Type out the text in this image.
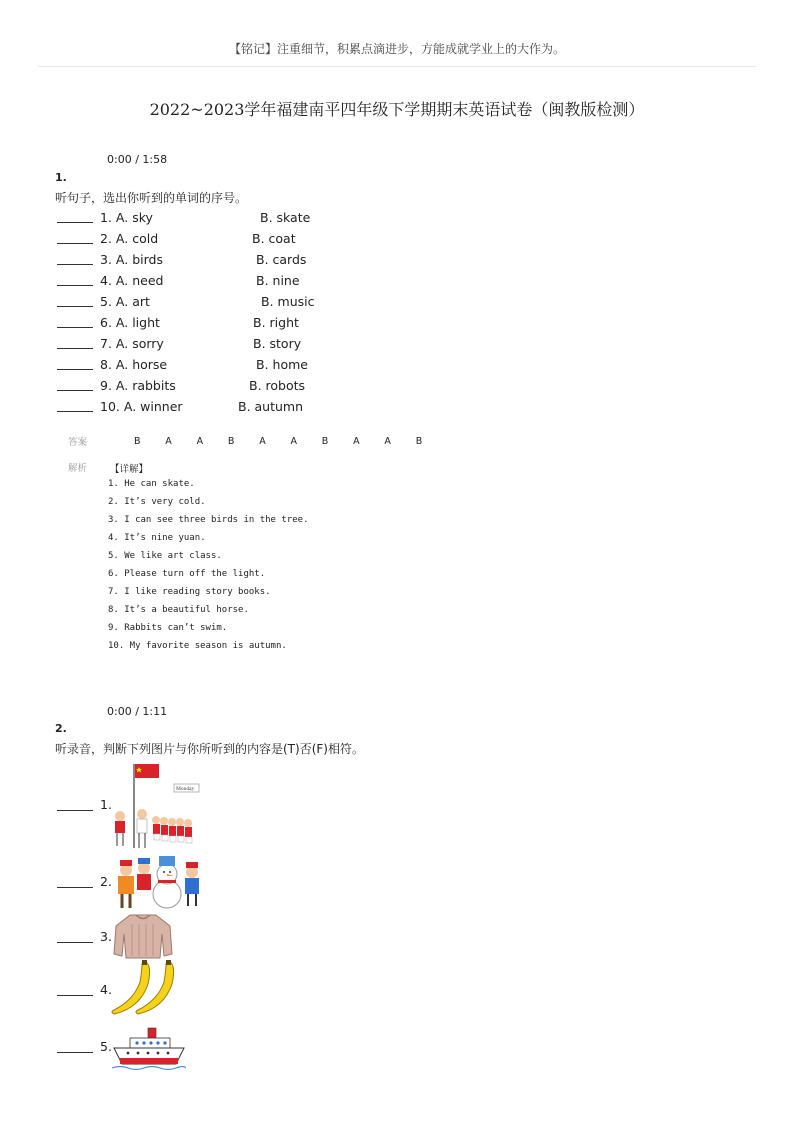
【铭记】注重细节，积累点滴进步，方能成就学业上的大作为。
2022~2023学年福建南平四年级下学期期末英语试卷（闽教版检测）
0:00 / 1:58
1.
听句子，选出你听到的单词的序号。
1. A. sky	B. skate
2. A. cold	B. coat
3. A. birds	B. cards
4. A. need	B. nine
5. A. art	B. music
6. A. light	B. right
7. A. sorry	B. story
8. A. horse	B. home
9. A. rabbits	B. robots
10. A. winner	B. autumn
答案	B	A	A	B	A	A	B	A	A	B
解析 【详解】
1. He can skate.
2. It’s very cold.
3. I can see three birds in the tree.
4. It’s nine yuan.
5. We like art class.
6. Please turn off the light.
7. I like reading story books.
8. It’s a beautiful horse.
9. Rabbits can’t swim.
10. My favorite season is autumn.
0:00 / 1:11
2.
听录音，判断下列图片与你所听到的内容是(T)否(F)相符。
1.
Monday
2.
3.
4.
5.
